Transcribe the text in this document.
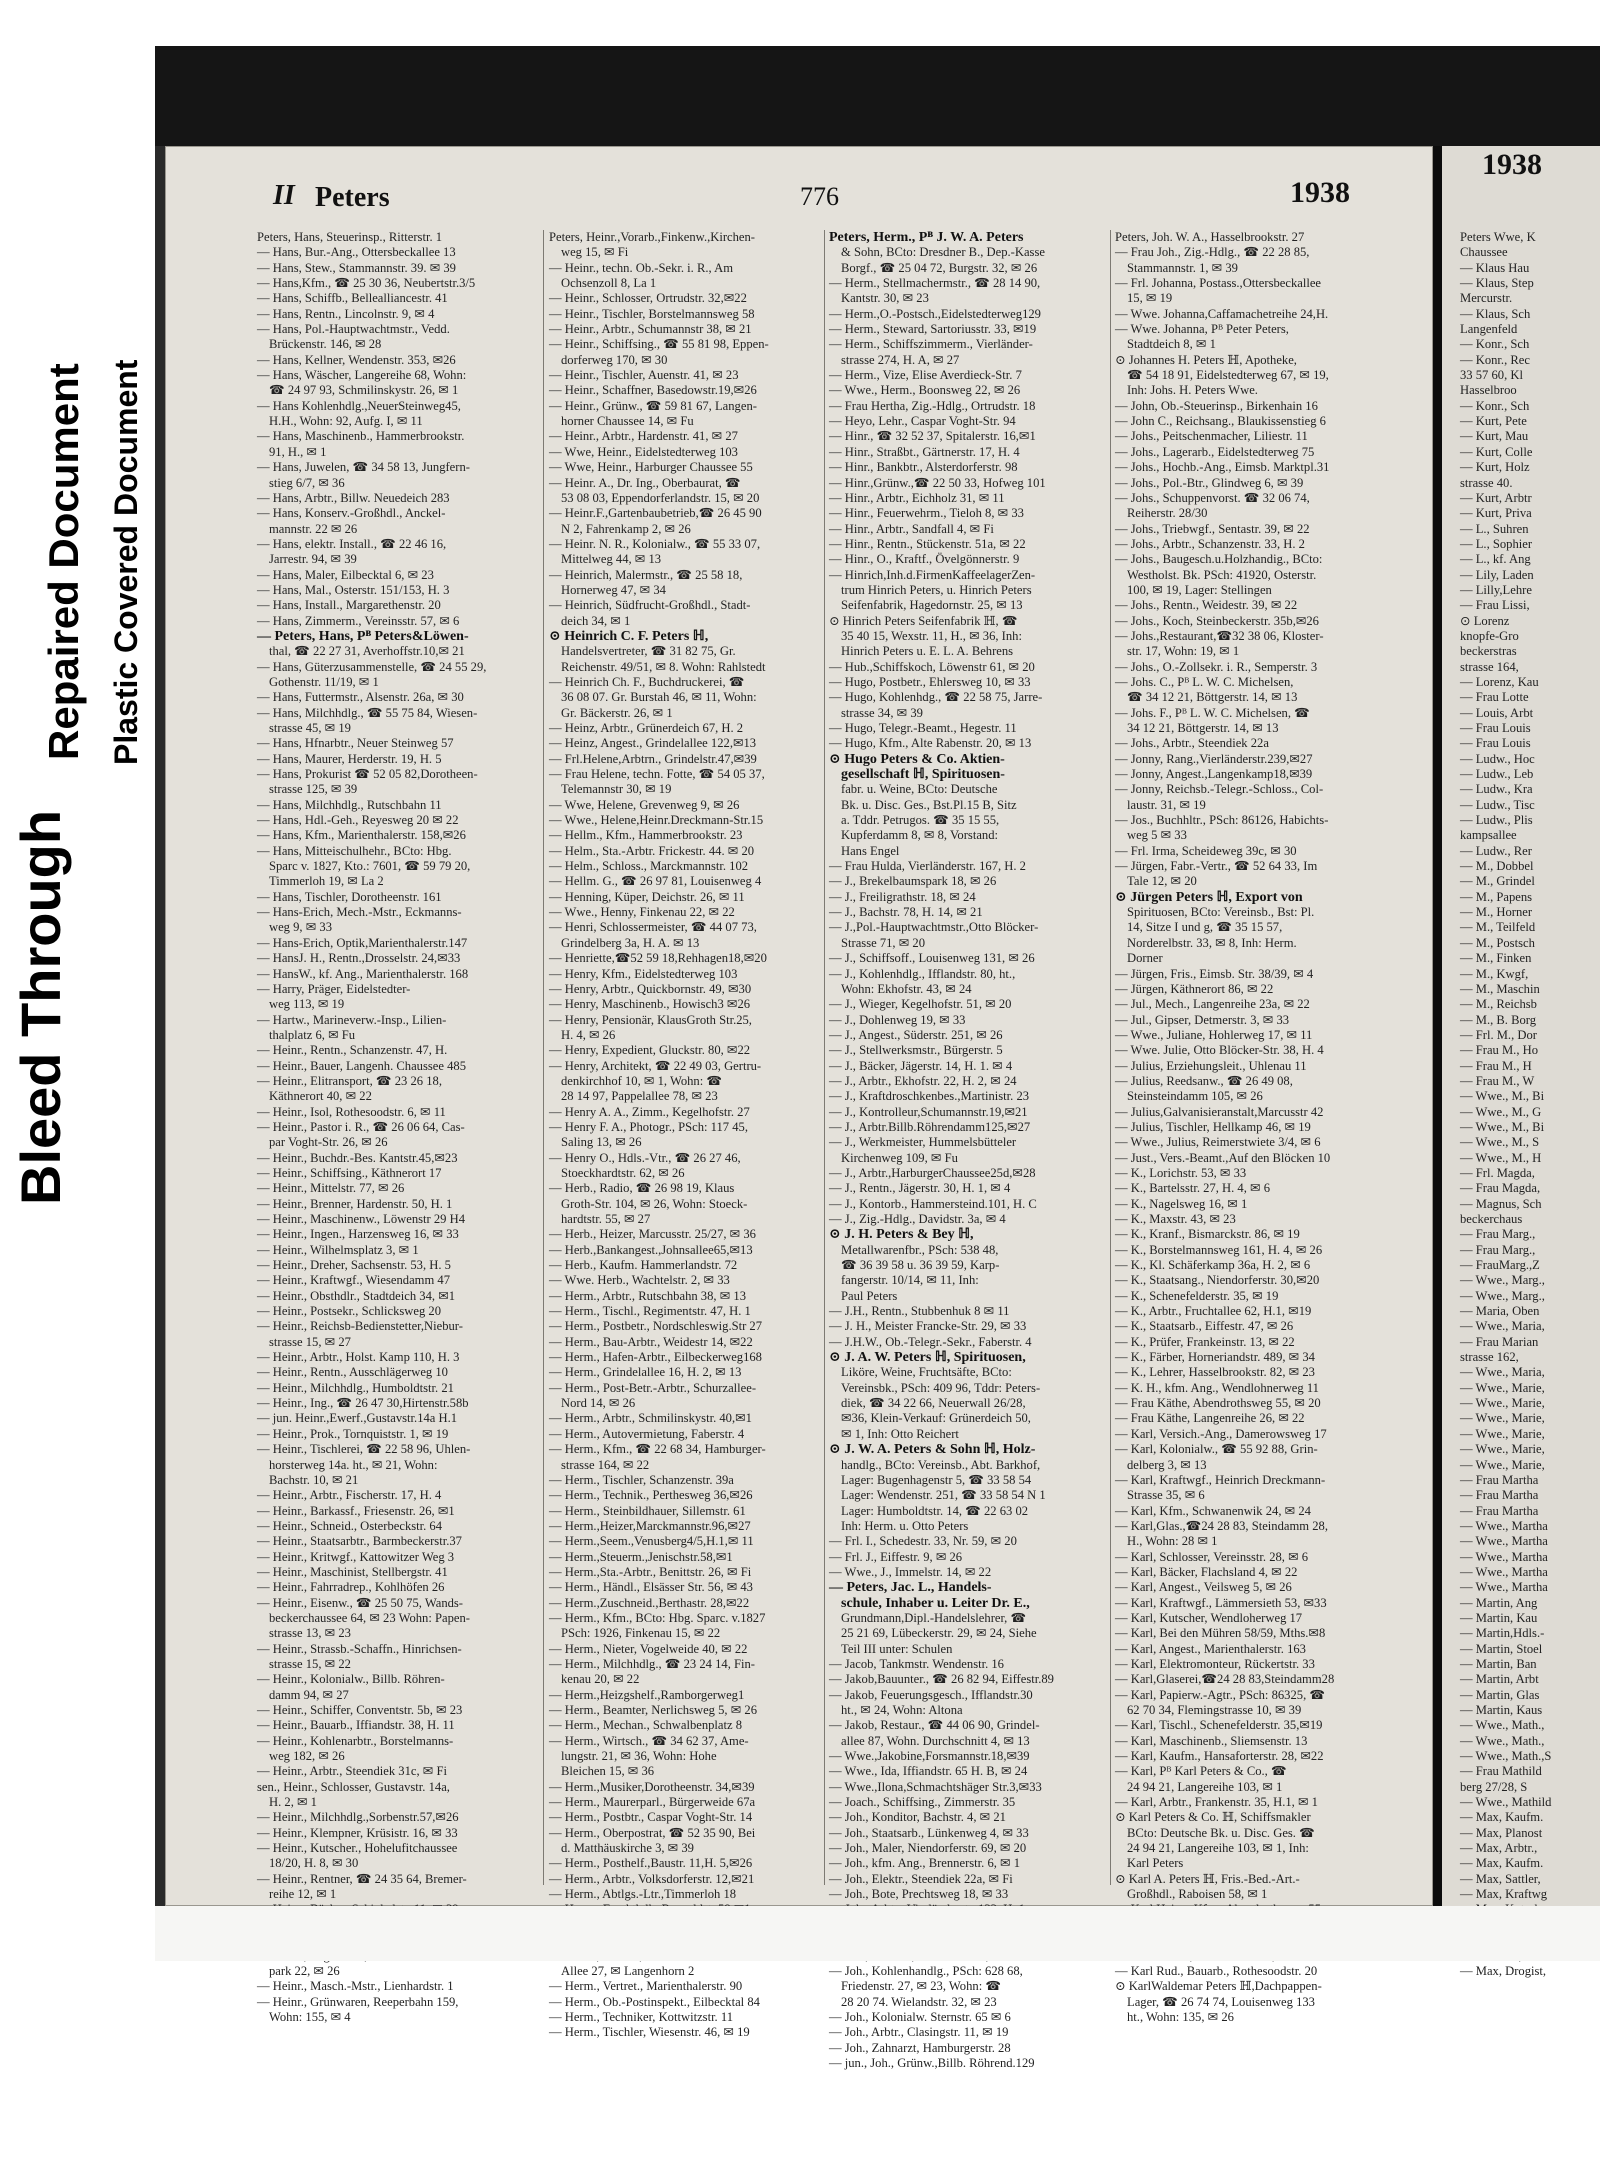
Bleed Through
Repaired Document Plastic Covered Document
II Peters	776	1938
Peters, Hans, Steuerinsp., Ritterstr. 1
— Hans, Bur.-Ang., Ottersbeckallee 13
— Hans, Stew., Stammannstr. 39. ✉ 39
— Hans,Kfm., ☎ 25 30 36, Neubertstr.3/5
— Hans, Schiffb., Bellealliancestr. 41
— Hans, Rentn., Lincolnstr. 9, ✉ 4
— Hans, Pol.-Hauptwachtmstr., Vedd.
Brückenstr. 146, ✉ 28
— Hans, Kellner, Wendenstr. 353, ✉26
— Hans, Wäscher, Langereihe 68, Wohn:
☎ 24 97 93, Schmilinskystr. 26, ✉ 1
— Hans Kohlenhdlg.,NeuerSteinweg45,
H.H., Wohn: 92, Aufg. I, ✉ 11
— Hans, Maschinenb., Hammerbrookstr.
91, H., ✉ 1
— Hans, Juwelen, ☎ 34 58 13, Jungfern-
stieg 6/7, ✉ 36
— Hans, Arbtr., Billw. Neuedeich 283
— Hans, Konserv.-Großhdl., Anckel-
mannstr. 22 ✉ 26
— Hans, elektr. Install., ☎ 22 46 16,
Jarrestr. 94, ✉ 39
— Hans, Maler, Eilbecktal 6, ✉ 23
— Hans, Mal., Osterstr. 151/153, H. 3
— Hans, Install., Margarethenstr. 20
— Hans, Zimmerm., Vereinsstr. 57, ✉ 6
— Peters, Hans, Pᴮ Peters&Löwen-
thal, ☎ 22 27 31, Averhoffstr.10,✉ 21
— Hans, Güterzusammenstelle, ☎ 24 55 29,
Gothenstr. 11/19, ✉ 1
— Hans, Futtermstr., Alsenstr. 26a, ✉ 30
— Hans, Milchhdlg., ☎ 55 75 84, Wiesen-
strasse 45, ✉ 19
— Hans, Hfnarbtr., Neuer Steinweg 57
— Hans, Maurer, Herderstr. 19, H. 5
— Hans, Prokurist ☎ 52 05 82,Dorotheen-
strasse 125, ✉ 39
— Hans, Milchhdlg., Rutschbahn 11
— Hans, Hdl.-Geh., Reyesweg 20 ✉ 22
— Hans, Kfm., Marienthalerstr. 158,✉26
— Hans, Mitteischulhehr., BCto: Hbg.
Sparc v. 1827, Kto.: 7601, ☎ 59 79 20,
Timmerloh 19, ✉ La 2
— Hans, Tischler, Dorotheenstr. 161
— Hans-Erich, Mech.-Mstr., Eckmanns-
weg 9, ✉ 33
— Hans-Erich, Optik,Marienthalerstr.147
— HansJ. H., Rentn.,Drosselstr. 24,✉33
— HansW., kf. Ang., Marienthalerstr. 168
— Harry, Präger, Eidelstedter-
weg 113, ✉ 19
— Hartw., Marineverw.-Insp., Lilien-
thalplatz 6, ✉ Fu
— Heinr., Rentn., Schanzenstr. 47, H.
— Heinr., Bauer, Langenh. Chaussee 485
— Heinr., Elitransport, ☎ 23 26 18,
Käthnerort 40, ✉ 22
— Heinr., Isol, Rothesoodstr. 6, ✉ 11
— Heinr., Pastor i. R., ☎ 26 06 64, Cas-
par Voght-Str. 26, ✉ 26
— Heinr., Buchdr.-Bes. Kantstr.45,✉23
— Heinr., Schiffsing., Käthnerort 17
— Heinr., Mittelstr. 77, ✉ 26
— Heinr., Brenner, Hardenstr. 50, H. 1
— Heinr., Maschinenw., Löwenstr 29 H4
— Heinr., Ingen., Harzensweg 16, ✉ 33
— Heinr., Wilhelmsplatz 3, ✉ 1
— Heinr., Dreher, Sachsenstr. 53, H. 5
— Heinr., Kraftwgf., Wiesendamm 47
— Heinr., Obsthdlr., Stadtdeich 34, ✉1
— Heinr., Postsekr., Schlicksweg 20
— Heinr., Reichsb-Bedienstetter,Niebur-
strasse 15, ✉ 27
— Heinr., Arbtr., Holst. Kamp 110, H. 3
— Heinr., Rentn., Ausschlägerweg 10
— Heinr., Milchhdlg., Humboldtstr. 21
— Heinr., Ing., ☎ 26 47 30,Hirtenstr.58b
— jun. Heinr.,Ewerf.,Gustavstr.14a H.1
— Heinr., Prok., Tornquiststr. 1, ✉ 19
— Heinr., Tischlerei, ☎ 22 58 96, Uhlen-
horsterweg 14a. ht., ✉ 21, Wohn:
Bachstr. 10, ✉ 21
— Heinr., Arbtr., Fischerstr. 17, H. 4
— Heinr., Barkassf., Friesenstr. 26, ✉1
— Heinr., Schneid., Osterbeckstr. 64
— Heinr., Staatsarbtr., Barmbeckerstr.37
— Heinr., Kritwgf., Kattowitzer Weg 3
— Heinr., Maschinist, Stellbergstr. 41
— Heinr., Fahrradrep., Kohlhöfen 26
— Heinr., Eisenw., ☎ 25 50 75, Wands-
beckerchaussee 64, ✉ 23 Wohn: Papen-
strasse 13, ✉ 23
— Heinr., Strassb.-Schaffn., Hinrichsen-
strasse 15, ✉ 22
— Heinr., Kolonialw., Billb. Röhren-
damm 94, ✉ 27
— Heinr., Schiffer, Conventstr. 5b, ✉ 23
— Heinr., Bauarb., Iffiandstr. 38, H. 11
— Heinr., Kohlenarbtr., Borstelmanns-
weg 182, ✉ 26
— Heinr., Arbtr., Steendiek 31c, ✉ Fi
sen., Heinr., Schlosser, Gustavstr. 14a,
H. 2, ✉ 1
— Heinr., Milchhdlg.,Sorbenstr.57,✉26
— Heinr., Klempner, Krüsistr. 16, ✉ 33
— Heinr., Kutscher., Hohelufitchaussee
18/20, H. 8, ✉ 30
— Heinr., Rentner, ☎ 24 35 64, Bremer-
reihe 12, ✉ 1
park 22, ✉ 26
— Heinr., Masch.-Mstr., Lienhardstr. 1
— Heinr., Grünwaren, Reeperbahn 159,
Wohn: 155, ✉ 4
Peters, Heinr.,Vorarb.,Finkenw.,Kirchen-
weg 15, ✉ Fi
— Heinr., techn. Ob.-Sekr. i. R., Am
Ochsenzoll 8, La 1
— Heinr., Schlosser, Ortrudstr. 32,✉22
— Heinr., Tischler, Borstelmannsweg 58
— Heinr., Arbtr., Schumannstr 38, ✉ 21
— Heinr., Schiffsing., ☎ 55 81 98, Eppen-
dorferweg 170, ✉ 30
— Heinr., Tischler, Auenstr. 41, ✉ 23
— Heinr., Schaffner, Basedowstr.19,✉26
— Heinr., Grünw., ☎ 59 81 67, Langen-
horner Chaussee 14, ✉ Fu
— Heinr., Arbtr., Hardenstr. 41, ✉ 27
— Wwe, Heinr., Eidelstedterweg 103
— Wwe, Heinr., Harburger Chaussee 55
— Heinr. A., Dr. Ing., Oberbaurat, ☎
53 08 03, Eppendorferlandstr. 15, ✉ 20
— Heinr.F.,Gartenbaubetrieb,☎ 26 45 90
N 2, Fahrenkamp 2, ✉ 26
— Heinr. N. R., Kolonialw., ☎ 55 33 07,
Mittelweg 44, ✉ 13
— Heinrich, Malermstr., ☎ 25 58 18,
Hornerweg 47, ✉ 34
— Heinrich, Südfrucht-Großhdl., Stadt-
deich 34, ✉ 1
⊙ Heinrich C. F. Peters ℍ,
Handelsvertreter, ☎ 31 82 75, Gr.
Reichenstr. 49/51, ✉ 8. Wohn: Rahlstedt
— Heinrich Ch. F., Buchdruckerei, ☎
36 08 07. Gr. Burstah 46, ✉ 11, Wohn:
Gr. Bäckerstr. 26, ✉ 1
— Heinz, Arbtr., Grünerdeich 67, H. 2
— Heinz, Angest., Grindelallee 122,✉13
— Frl.Helene,Arbtrn., Grindelstr.47,✉39
— Frau Helene, techn. Fotte, ☎ 54 05 37,
Telemannstr 30, ✉ 19
— Wwe, Helene, Grevenweg 9, ✉ 26
— Wwe., Helene,Heinr.Dreckmann-Str.15
— Hellm., Kfm., Hammerbrookstr. 23
— Helm., Sta.-Arbtr. Frickestr. 44. ✉ 20
— Helm., Schloss., Marckmannstr. 102
— Hellm. G., ☎ 26 97 81, Louisenweg 4
— Henning, Küper, Deichstr. 26, ✉ 11
— Wwe., Henny, Finkenau 22, ✉ 22
— Henri, Schlossermeister, ☎ 44 07 73,
Grindelberg 3a, H. A. ✉ 13
— Henriette,☎52 59 18,Rehhagen18,✉20
— Henry, Kfm., Eidelstedterweg 103
— Henry, Arbtr., Quickbornstr. 49, ✉30
— Henry, Maschinenb., Howisch3 ✉26
— Henry, Pensionär, KlausGroth Str.25,
H. 4, ✉ 26
— Henry, Expedient, Gluckstr. 80, ✉22
— Henry, Architekt, ☎ 22 49 03, Gertru-
denkirchhof 10, ✉ 1, Wohn: ☎
28 14 97, Pappelallee 78, ✉ 23
— Henry A. A., Zimm., Kegelhofstr. 27
— Henry F. A., Photogr., PSch: 117 45,
Saling 13, ✉ 26
— Henry O., Hdls.-Vtr., ☎ 26 27 46,
Stoeckhardtstr. 62, ✉ 26
— Herb., Radio, ☎ 26 98 19, Klaus
Groth-Str. 104, ✉ 26, Wohn: Stoeck-
hardtstr. 55, ✉ 27
— Herb., Heizer, Marcusstr. 25/27, ✉ 36
— Herb.,Bankangest.,Johnsallee65,✉13
— Herb., Kaufm. Hammerlandstr. 72
— Wwe. Herb., Wachtelstr. 2, ✉ 33
— Herm., Arbtr., Rutschbahn 38, ✉ 13
— Herm., Tischl., Regimentstr. 47, H. 1
— Herm., Postbetr., Nordschleswig.Str 27
— Herm., Bau-Arbtr., Weidestr 14, ✉22
— Herm., Hafen-Arbtr., Eilbeckerweg168
— Herm., Grindelallee 16, H. 2, ✉ 13
— Herm., Post-Betr.-Arbtr., Schurzallee-
Nord 14, ✉ 26
— Herm., Arbtr., Schmilinskystr. 40,✉1
— Herm., Autovermietung, Faberstr. 4
— Herm., Kfm., ☎ 22 68 34, Hamburger-
strasse 164, ✉ 22
— Herm., Tischler, Schanzenstr. 39a
— Herm., Technik., Perthesweg 36,✉26
— Herm., Steinbildhauer, Sillemstr. 61
— Herm.,Heizer,Marckmannstr.96,✉27
— Herm.,Seem.,Venusberg4/5,H.1,✉ 11
— Herm.,Steuerm.,Jenischstr.58,✉1
— Herm.,Sta.-Arbtr., Benittstr. 26, ✉ Fi
— Herm., Händl., Elsässer Str. 56, ✉ 43
— Herm.,Zuschneid.,Berthastr. 28,✉22
— Herm., Kfm., BCto: Hbg. Sparc. v.1827
PSch: 1926, Finkenau 15, ✉ 22
— Herm., Nieter, Vogelweide 40, ✉ 22
— Herm., Milchhdlg., ☎ 23 24 14, Fin-
kenau 20, ✉ 22
— Herm.,Heizgshelf.,Ramborgerweg1
— Herm., Beamter, Nerlichsweg 5, ✉ 26
— Herm., Mechan., Schwalbenplatz 8
— Herm., Wirtsch., ☎ 34 62 37, Ame-
lungstr. 21, ✉ 36, Wohn: Hohe
Bleichen 15, ✉ 36
— Herm.,Musiker,Dorotheenstr. 34,✉39
— Herm., Maurerparl., Bürgerweide 67a
— Herm., Postbtr., Caspar Voght-Str. 14
— Herm., Oberpostrat, ☎ 52 35 90, Bei
d. Matthäuskirche 3, ✉ 39
— Herm., Posthelf.,Baustr. 11,H. 5,✉26
— Herm., Arbtr., Volksdorferstr. 12,✉21
— Herm., Abtlgs.-Ltr.,Timmerloh 18
Allee 27, ✉ Langenhorn 2
— Herm., Vertret., Marienthalerstr. 90
— Herm., Ob.-Postinspekt., Eilbecktal 84
— Herm., Techniker, Kottwitzstr. 11
— Herm., Tischler, Wiesenstr. 46, ✉ 19
Peters, Herm., Pᴮ J. W. A. Peters
& Sohn, BCto: Dresdner B., Dep.-Kasse
Borgf., ☎ 25 04 72, Burgstr. 32, ✉ 26
— Herm., Stellmachermstr., ☎ 28 14 90,
Kantstr. 30, ✉ 23
— Herm.,O.-Postsch.,Eidelstedterweg129
— Herm., Steward, Sartoriusstr. 33, ✉19
— Herm., Schiffszimmerm., Vierländer-
strasse 274, H. A, ✉ 27
— Herm., Vize, Elise Averdieck-Str. 7
— Wwe., Herm., Boonsweg 22, ✉ 26
— Frau Hertha, Zig.-Hdlg., Ortrudstr. 18
— Heyo, Lehr., Caspar Voght-Str. 94
— Hinr., ☎ 32 52 37, Spitalerstr. 16,✉1
— Hinr., Straßbt., Gärtnerstr. 17, H. 4
— Hinr., Bankbtr., Alsterdorferstr. 98
— Hinr.,Grünw.,☎ 22 50 33, Hofweg 101
— Hinr., Arbtr., Eichholz 31, ✉ 11
— Hinr., Feuerwehrm., Tieloh 8, ✉ 33
— Hinr., Arbtr., Sandfall 4, ✉ Fi
— Hinr., Rentn., Stückenstr. 51a, ✉ 22
— Hinr., O., Kraftf., Övelgönnerstr. 9
— Hinrich,Inh.d.FirmenKaffeelagerZen-
trum Hinrich Peters, u. Hinrich Peters
Seifenfabrik, Hagedornstr. 25, ✉ 13
⊙ Hinrich Peters Seifenfabrik ℍ, ☎
35 40 15, Wexstr. 11, H., ✉ 36, Inh:
Hinrich Peters u. E. L. A. Behrens
— Hub.,Schiffskoch, Löwenstr 61, ✉ 20
— Hugo, Postbetr., Ehlersweg 10, ✉ 33
— Hugo, Kohlenhdg., ☎ 22 58 75, Jarre-
strasse 34, ✉ 39
— Hugo, Telegr.-Beamt., Hegestr. 11
— Hugo, Kfm., Alte Rabenstr. 20, ✉ 13
⊙ Hugo Peters & Co. Aktien-
gesellschaft ℍ, Spirituosen-
fabr. u. Weine, BCto: Deutsche
Bk. u. Disc. Ges., Bst.Pl.15 B, Sitz
a. Tddr. Petrugos. ☎ 35 15 55,
Kupferdamm 8, ✉ 8, Vorstand:
Hans Engel
— Frau Hulda, Vierländerstr. 167, H. 2
— J., Brekelbaumspark 18, ✉ 26
— J., Freiligrathstr. 18, ✉ 24
— J., Bachstr. 78, H. 14, ✉ 21
— J.,Pol.-Hauptwachtmstr.,Otto Blöcker-
Strasse 71, ✉ 20
— J., Schiffsoff., Louisenweg 131, ✉ 26
— J., Kohlenhdlg., Ifflandstr. 80, ht.,
Wohn: Ekhofstr. 43, ✉ 24
— J., Wieger, Kegelhofstr. 51, ✉ 20
— J., Dohlenweg 19, ✉ 33
— J., Angest., Süderstr. 251, ✉ 26
— J., Stellwerksmstr., Bürgerstr. 5
— J., Bäcker, Jägerstr. 14, H. 1. ✉ 4
— J., Arbtr., Ekhofstr. 22, H. 2, ✉ 24
— J., Kraftdroschkenbes.,Martinistr. 23
— J., Kontrolleur,Schumannstr.19,✉21
— J., Arbtr.Billb.Röhrendamm125,✉27
— J., Werkmeister, Hummelsbütteler
Kirchenweg 109, ✉ Fu
— J., Arbtr.,HarburgerChaussee25d,✉28
— J., Rentn., Jägerstr. 30, H. 1, ✉ 4
— J., Kontorb., Hammersteind.101, H. C
— J., Zig.-Hdlg., Davidstr. 3a, ✉ 4
⊙ J. H. Peters & Bey ℍ,
Metallwarenfbr., PSch: 538 48,
☎ 36 39 58 u. 36 39 59, Karp-
fangerstr. 10/14, ✉ 11, Inh:
Paul Peters
— J.H., Rentn., Stubbenhuk 8 ✉ 11
— J. H., Meister Francke-Str. 29, ✉ 33
— J.H.W., Ob.-Telegr.-Sekr., Faberstr. 4
⊙ J. A. W. Peters ℍ, Spirituosen,
Liköre, Weine, Fruchtsäfte, BCto:
Vereinsbk., PSch: 409 96, Tddr: Peters-
diek, ☎ 34 22 66, Neuerwall 26/28,
✉36, Klein-Verkauf: Grünerdeich 50,
✉ 1, Inh: Otto Reichert
⊙ J. W. A. Peters & Sohn ℍ, Holz-
handlg., BCto: Vereinsb., Abt. Barkhof,
Lager: Bugenhagenstr 5, ☎ 33 58 54
Lager: Wendenstr. 251, ☎ 33 58 54 N 1
Lager: Humboldtstr. 14, ☎ 22 63 02
Inh: Herm. u. Otto Peters
— Frl. I., Schedestr. 33, Nr. 59, ✉ 20
— Frl. J., Eiffestr. 9, ✉ 26
— Wwe., J., Immelstr. 14, ✉ 22
— Peters, Jac. L., Handels-
schule, Inhaber u. Leiter Dr. E.,
Grundmann,Dipl.-Handelslehrer, ☎
25 21 69, Lübeckerstr. 29, ✉ 24, Siehe
Teil III unter: Schulen
— Jacob, Tankmstr. Wendenstr. 16
— Jakob,Bauunter., ☎ 26 82 94, Eiffestr.89
— Jakob, Feuerungsgesch., Ifflandstr.30
ht., ✉ 24, Wohn: Altona
— Jakob, Restaur., ☎ 44 06 90, Grindel-
allee 87, Wohn. Durchschnitt 4, ✉ 13
— Wwe.,Jakobine,Forsmannstr.18,✉39
— Wwe., Ida, Iffiandstr. 65 H. B, ✉ 24
— Wwe.,Ilona,Schmachtshäger Str.3,✉33
— Joach., Schiffsing., Zimmerstr. 35
— Joh., Konditor, Bachstr. 4, ✉ 21
— Joh., Staatsarb., Lünkenweg 4, ✉ 33
— Joh., Maler, Niendorferstr. 69, ✉ 20
— Joh., kfm. Ang., Brennerstr. 6, ✉ 1
— Joh., Elektr., Steendiek 22a, ✉ Fi
— Joh., Bote, Prechtsweg 18, ✉ 33
— Joh., Kohlenhandlg., PSch: 628 68,
Friedenstr. 27, ✉ 23, Wohn: ☎
28 20 74. Wielandstr. 32, ✉ 23
— Joh., Kolonialw. Sternstr. 65 ✉ 6
— Joh., Arbtr., Clasingstr. 11, ✉ 19
— Joh., Zahnarzt, Hamburgerstr. 28
— jun., Joh., Grünw.,Billb. Röhrend.129
Peters, Joh. W. A., Hasselbrookstr. 27
— Frau Joh., Zig.-Hdlg., ☎ 22 28 85,
Stammannstr. 1, ✉ 39
— Frl. Johanna, Postass.,Ottersbeckallee
15, ✉ 19
— Wwe. Johanna,Caffamachetreihe 24,H.
— Wwe. Johanna, Pᴮ Peter Peters,
Stadtdeich 8, ✉ 1
⊙ Johannes H. Peters ℍ, Apotheke,
☎ 54 18 91, Eidelstedterweg 67, ✉ 19,
Inh: Johs. H. Peters Wwe.
— John, Ob.-Steuerinsp., Birkenhain 16
— John C., Reichsang., Blaukissenstieg 6
— Johs., Peitschenmacher, Liliestr. 11
— Johs., Lagerarb., Eidelstedterweg 75
— Johs., Hochb.-Ang., Eimsb. Marktpl.31
— Johs., Pol.-Btr., Glindweg 6, ✉ 39
— Johs., Schuppenvorst. ☎ 32 06 74,
Reiherstr. 28/30
— Johs., Triebwgf., Sentastr. 39, ✉ 22
— Johs., Arbtr., Schanzenstr. 33, H. 2
— Johs., Baugesch.u.Holzhandig., BCto:
Westholst. Bk. PSch: 41920, Osterstr.
100, ✉ 19, Lager: Stellingen
— Johs., Rentn., Weidestr. 39, ✉ 22
— Johs., Koch, Steinbeckerstr. 35b,✉26
— Johs.,Restaurant,☎32 38 06, Kloster-
str. 17, Wohn: 19, ✉ 1
— Johs., O.-Zollsekr. i. R., Semperstr. 3
— Johs. C., Pᴮ L. W. C. Michelsen,
☎ 34 12 21, Böttgerstr. 14, ✉ 13
— Johs. F., Pᴮ L. W. C. Michelsen, ☎
34 12 21, Böttgerstr. 14, ✉ 13
— Johs., Arbtr., Steendiek 22a
— Jonny, Rang.,Vierländerstr.239,✉27
— Jonny, Angest.,Langenkamp18,✉39
— Jonny, Reichsb.-Telegr.-Schloss., Col-
laustr. 31, ✉ 19
— Jos., Buchhltr., PSch: 86126, Habichts-
weg 5 ✉ 33
— Frl. Irma, Scheideweg 39c, ✉ 30
— Jürgen, Fabr.-Vertr., ☎ 52 64 33, Im
Tale 12, ✉ 20
⊙ Jürgen Peters ℍ, Export von
Spirituosen, BCto: Vereinsb., Bst: Pl.
14, Sitze I und g, ☎ 35 15 57,
Norderelbstr. 33, ✉ 8, Inh: Herm.
Dorner
— Jürgen, Fris., Eimsb. Str. 38/39, ✉ 4
— Jürgen, Käthnerort 86, ✉ 22
— Jul., Mech., Langenreihe 23a, ✉ 22
— Jul., Gipser, Detmerstr. 3, ✉ 33
— Wwe., Juliane, Hohlerweg 17, ✉ 11
— Wwe. Julie, Otto Blöcker-Str. 38, H. 4
— Julius, Erziehungsleit., Uhlenau 11
— Julius, Reedsanw., ☎ 26 49 08,
Steinsteindamm 105, ✉ 26
— Julius,Galvanisieranstalt,Marcusstr 42
— Julius, Tischler, Hellkamp 46, ✉ 19
— Wwe., Julius, Reimerstwiete 3/4, ✉ 6
— Just., Vers.-Beamt.,Auf den Blöcken 10
— K., Lorichstr. 53, ✉ 33
— K., Bartelsstr. 27, H. 4, ✉ 6
— K., Nagelsweg 16, ✉ 1
— K., Maxstr. 43, ✉ 23
— K., Kranf., Bismarckstr. 86, ✉ 19
— K., Borstelmannsweg 161, H. 4, ✉ 26
— K., Kl. Schäferkamp 36a, H. 2, ✉ 6
— K., Staatsang., Niendorferstr. 30,✉20
— K., Schenefelderstr. 35, ✉ 19
— K., Arbtr., Fruchtallee 62, H.1, ✉19
— K., Staatsarb., Eiffestr. 47, ✉ 26
— K., Prüfer, Frankeinstr. 13, ✉ 22
— K., Färber, Horneriandstr. 489, ✉ 34
— K., Lehrer, Hasselbrookstr. 82, ✉ 23
— K. H., kfm. Ang., Wendlohnerweg 11
— Frau Käthe, Abendrothsweg 55, ✉ 20
— Frau Käthe, Langenreihe 26, ✉ 22
— Karl, Versich.-Ang., Damerowsweg 17
— Karl, Kolonialw., ☎ 55 92 88, Grin-
delberg 3, ✉ 13
— Karl, Kraftwgf., Heinrich Dreckmann-
Strasse 35, ✉ 6
— Karl, Kfm., Schwanenwik 24, ✉ 24
— Karl,Glas.,☎24 28 83, Steindamm 28,
H., Wohn: 28 ✉ 1
— Karl, Schlosser, Vereinsstr. 28, ✉ 6
— Karl, Bäcker, Flachsland 4, ✉ 22
— Karl, Angest., Veilsweg 5, ✉ 26
— Karl, Kraftwgf., Lämmersieth 53, ✉33
— Karl, Kutscher, Wendloherweg 17
— Karl, Bei den Mühren 58/59, Mths.✉8
— Karl, Angest., Marienthalerstr. 163
— Karl, Elektromonteur, Rückertstr. 33
— Karl,Glaserei,☎24 28 83,Steindamm28
— Karl, Papierw.-Agtr., PSch: 86325, ☎
62 70 34, Flemingstrasse 10, ✉ 39
— Karl, Tischl., Schenefelderstr. 35,✉19
— Karl, Maschinenb., Sliemsenstr. 13
— Karl, Kaufm., Hansaforterstr. 28, ✉22
— Karl, Pᴮ Karl Peters & Co., ☎
24 94 21, Langereihe 103, ✉ 1
— Karl, Arbtr., Frankenstr. 35, H.1, ✉ 1
⊙ Karl Peters & Co. ℍ, Schiffsmakler
BCto: Deutsche Bk. u. Disc. Ges. ☎
24 94 21, Langereihe 103, ✉ 1, Inh:
Karl Peters
⊙ Karl A. Peters ℍ, Fris.-Bed.-Art.-
Großhdl., Raboisen 58, ✉ 1
— Karl Rud., Bauarb., Rothesoodstr. 20
⊙ KarlWaldemar Peters ℍ,Dachpappen-
Lager, ☎ 26 74 74, Louisenweg 133
ht., Wohn: 135, ✉ 26
1938
Peters Wwe, K
Chaussee
— Klaus Hau
— Klaus, Step
Mercurstr.
— Klaus, Sch
Langenfeld
— Konr., Sch
— Konr., Rec
33 57 60, Kl
Hasselbroo
— Konr., Sch
— Kurt, Pete
— Kurt, Mau
— Kurt, Colle
— Kurt, Holz
strasse 40.
— Kurt, Arbtr
— Kurt, Priva
— L., Suhren
— L., Sophier
— L., kf. Ang
— Lily, Laden
— Lilly,Lehre
— Frau Lissi,
⊙ Lorenz
knopfe-Gro
beckerstras
strasse 164,
— Lorenz, Kau
— Frau Lotte
— Louis, Arbt
— Frau Louis
— Frau Louis
— Ludw., Hoc
— Ludw., Leb
— Ludw., Kra
— Ludw., Tisc
— Ludw., Plis
kampsallee
— Ludw., Rer
— M., Dobbel
— M., Grindel
— M., Papens
— M., Horner
— M., Teilfeld
— M., Postsch
— M., Finken
— M., Kwgf,
— M., Maschin
— M., Reichsb
— M., B. Borg
— Frl. M., Dor
— Frau M., Ho
— Frau M., H
— Frau M., W
— Wwe., M., Bi
— Wwe., M., G
— Wwe., M., Bi
— Wwe., M., S
— Wwe., M., H
— Frl. Magda,
— Frau Magda,
— Magnus, Sch
beckerchaus
— Frau Marg.,
— Frau Marg.,
— FrauMarg.,Z
— Wwe., Marg.,
— Wwe., Marg.,
— Maria, Oben
— Wwe., Maria,
— Frau Marian
strasse 162,
— Wwe., Maria,
— Wwe., Marie,
— Wwe., Marie,
— Wwe., Marie,
— Wwe., Marie,
— Wwe., Marie,
— Wwe., Marie,
— Frau Martha
— Frau Martha
— Frau Martha
— Wwe., Martha
— Wwe., Martha
— Wwe., Martha
— Wwe., Martha
— Wwe., Martha
— Martin, Ang
— Martin, Kau
— Martin,Hdls.-
— Martin, Stoel
— Martin, Ban
— Martin, Arbt
— Martin, Glas
— Martin, Kaus
— Wwe., Math.,
— Wwe., Math.,
— Wwe., Math.,S
— Frau Mathild
berg 27/28, S
— Wwe., Mathild
— Max, Kaufm.
— Max, Planost
— Max, Arbtr.,
— Max, Kaufm.
— Max, Sattler,
— Max, Kraftwg
— Max, Drogist,
